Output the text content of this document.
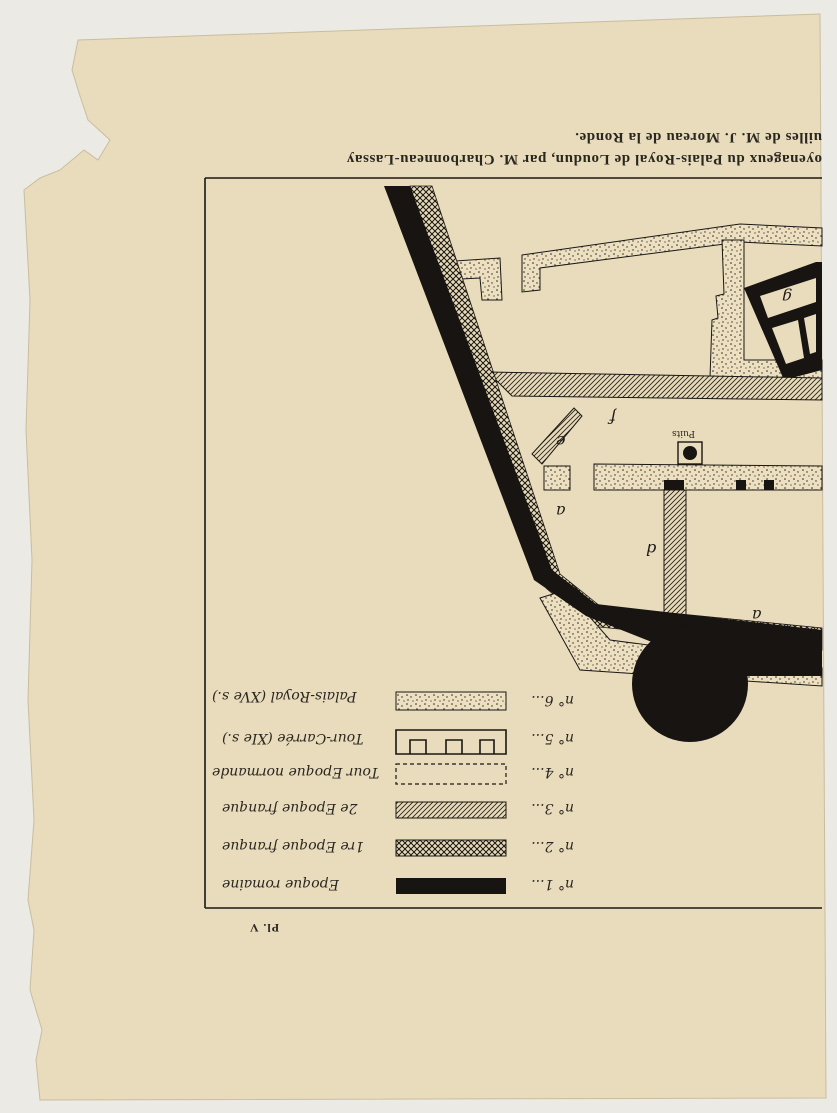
oyenageux du Palais-Royal de Loudun, par M. Charbonneau-Lassay
uilles de M. J. Moreau de la Ronde.
Pl. V
n° 1...
n° 2...
n° 3...
n° 4...
n° 5...
n° 6...
Epoque romaine
1re Epoque franque
2e Epoque franque
Tour Epoque normande
Tour-Carrée (XIe s.)
Palais-Royal (XVe s.)
a
a
d
e
f
g
Puits
